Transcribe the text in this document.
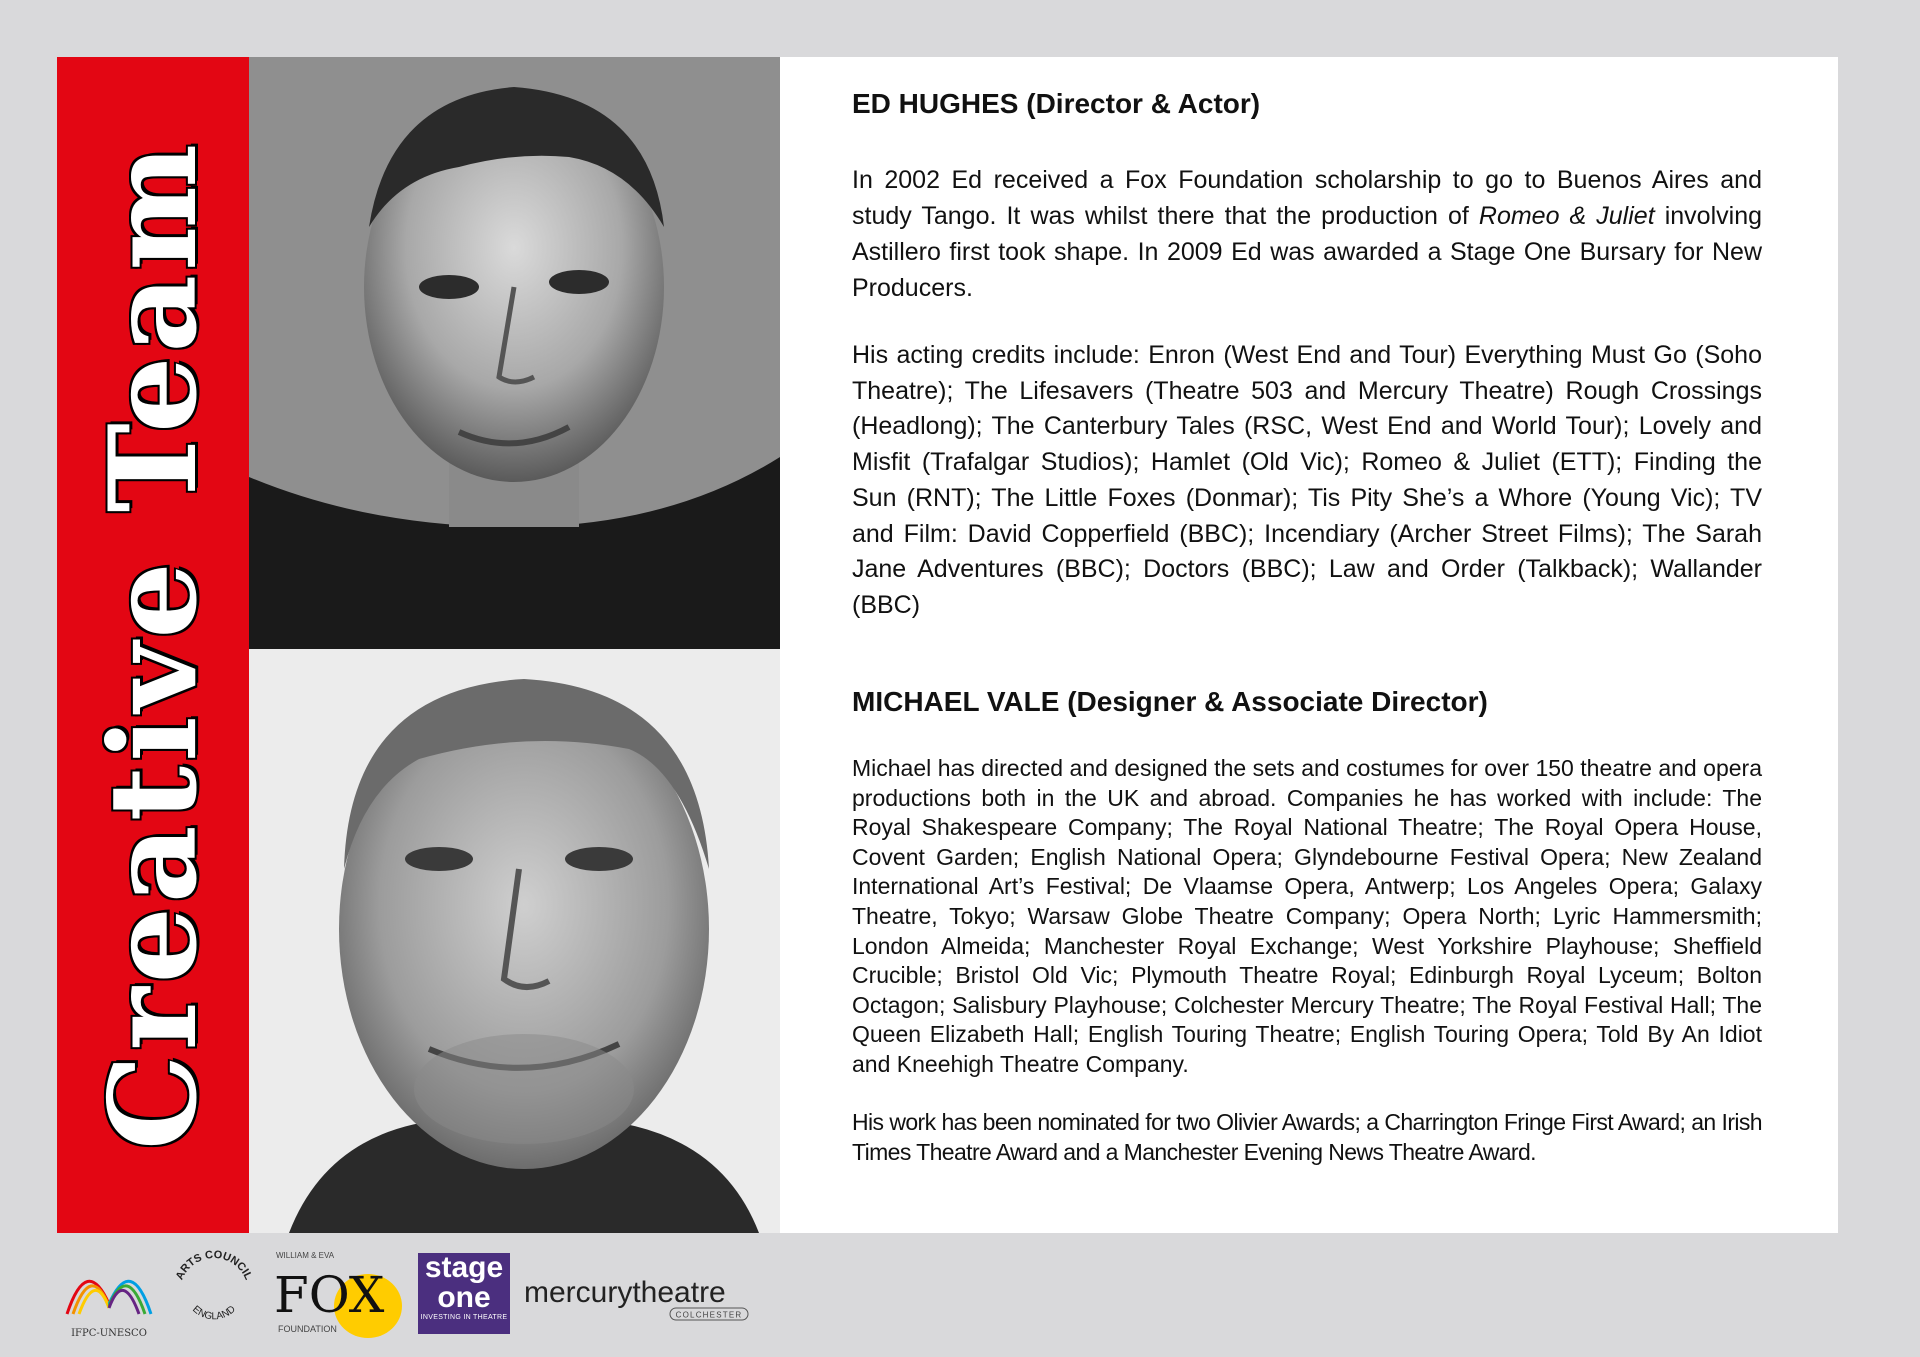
Creative Team
ED HUGHES (Director & Actor)

In 2002 Ed received a Fox Foundation scholarship to go to Buenos Aires and study Tango. It was whilst there that the production of Romeo & Juliet involving Astillero first took shape. In 2009 Ed was awarded a Stage One Bursary for New Producers.

His acting credits include: Enron (West End and Tour) Everything Must Go (Soho Theatre); The Lifesavers (Theatre 503 and Mercury Theatre) Rough Crossings (Headlong); The Canterbury Tales (RSC, West End and World Tour); Lovely and Misfit (Trafalgar Studios); Hamlet (Old Vic); Romeo & Juliet (ETT); Finding the Sun (RNT); The Little Foxes (Donmar); Tis Pity She’s a Whore (Young Vic); TV and Film: David Copperfield (BBC); Incendiary (Archer Street Films); The Sarah Jane Adventures (BBC); Doctors (BBC); Law and Order (Talkback); Wallander (BBC)

MICHAEL VALE (Designer & Associate Director)

Michael has directed and designed the sets and costumes for over 150 theatre and opera productions both in the UK and abroad. Companies he has worked with include: The Royal Shakespeare Company; The Royal National Theatre; The Royal Opera House, Covent Garden; English National Opera; Glyndebourne Festival Opera; New Zealand International Art’s Festival; De Vlaamse Opera, Antwerp; Los Angeles Opera; Galaxy Theatre, Tokyo; Warsaw Globe Theatre Company; Opera North; Lyric Hammersmith; London Almeida; Manchester Royal Exchange; West Yorkshire Playhouse; Sheffield Crucible; Bristol Old Vic; Plymouth Theatre Royal; Edinburgh Royal Lyceum; Bolton Octagon; Salisbury Playhouse; Colchester Mercury Theatre; The Royal Festival Hall; The Queen Elizabeth Hall; English Touring Theatre; English Touring Opera; Told By An Idiot and Kneehigh Theatre Company.

His work has been nominated for two Olivier Awards; a Charrington Fringe First Award; an Irish Times Theatre Award and a Manchester Evening News Theatre Award.

IFPC-UNESCO
ARTS COUNCIL
ENGLAND
WILLIAM & EVA
FOX
FOUNDATION
stage
one
INVESTING IN THEATRE
mercurytheatre
COLCHESTER
